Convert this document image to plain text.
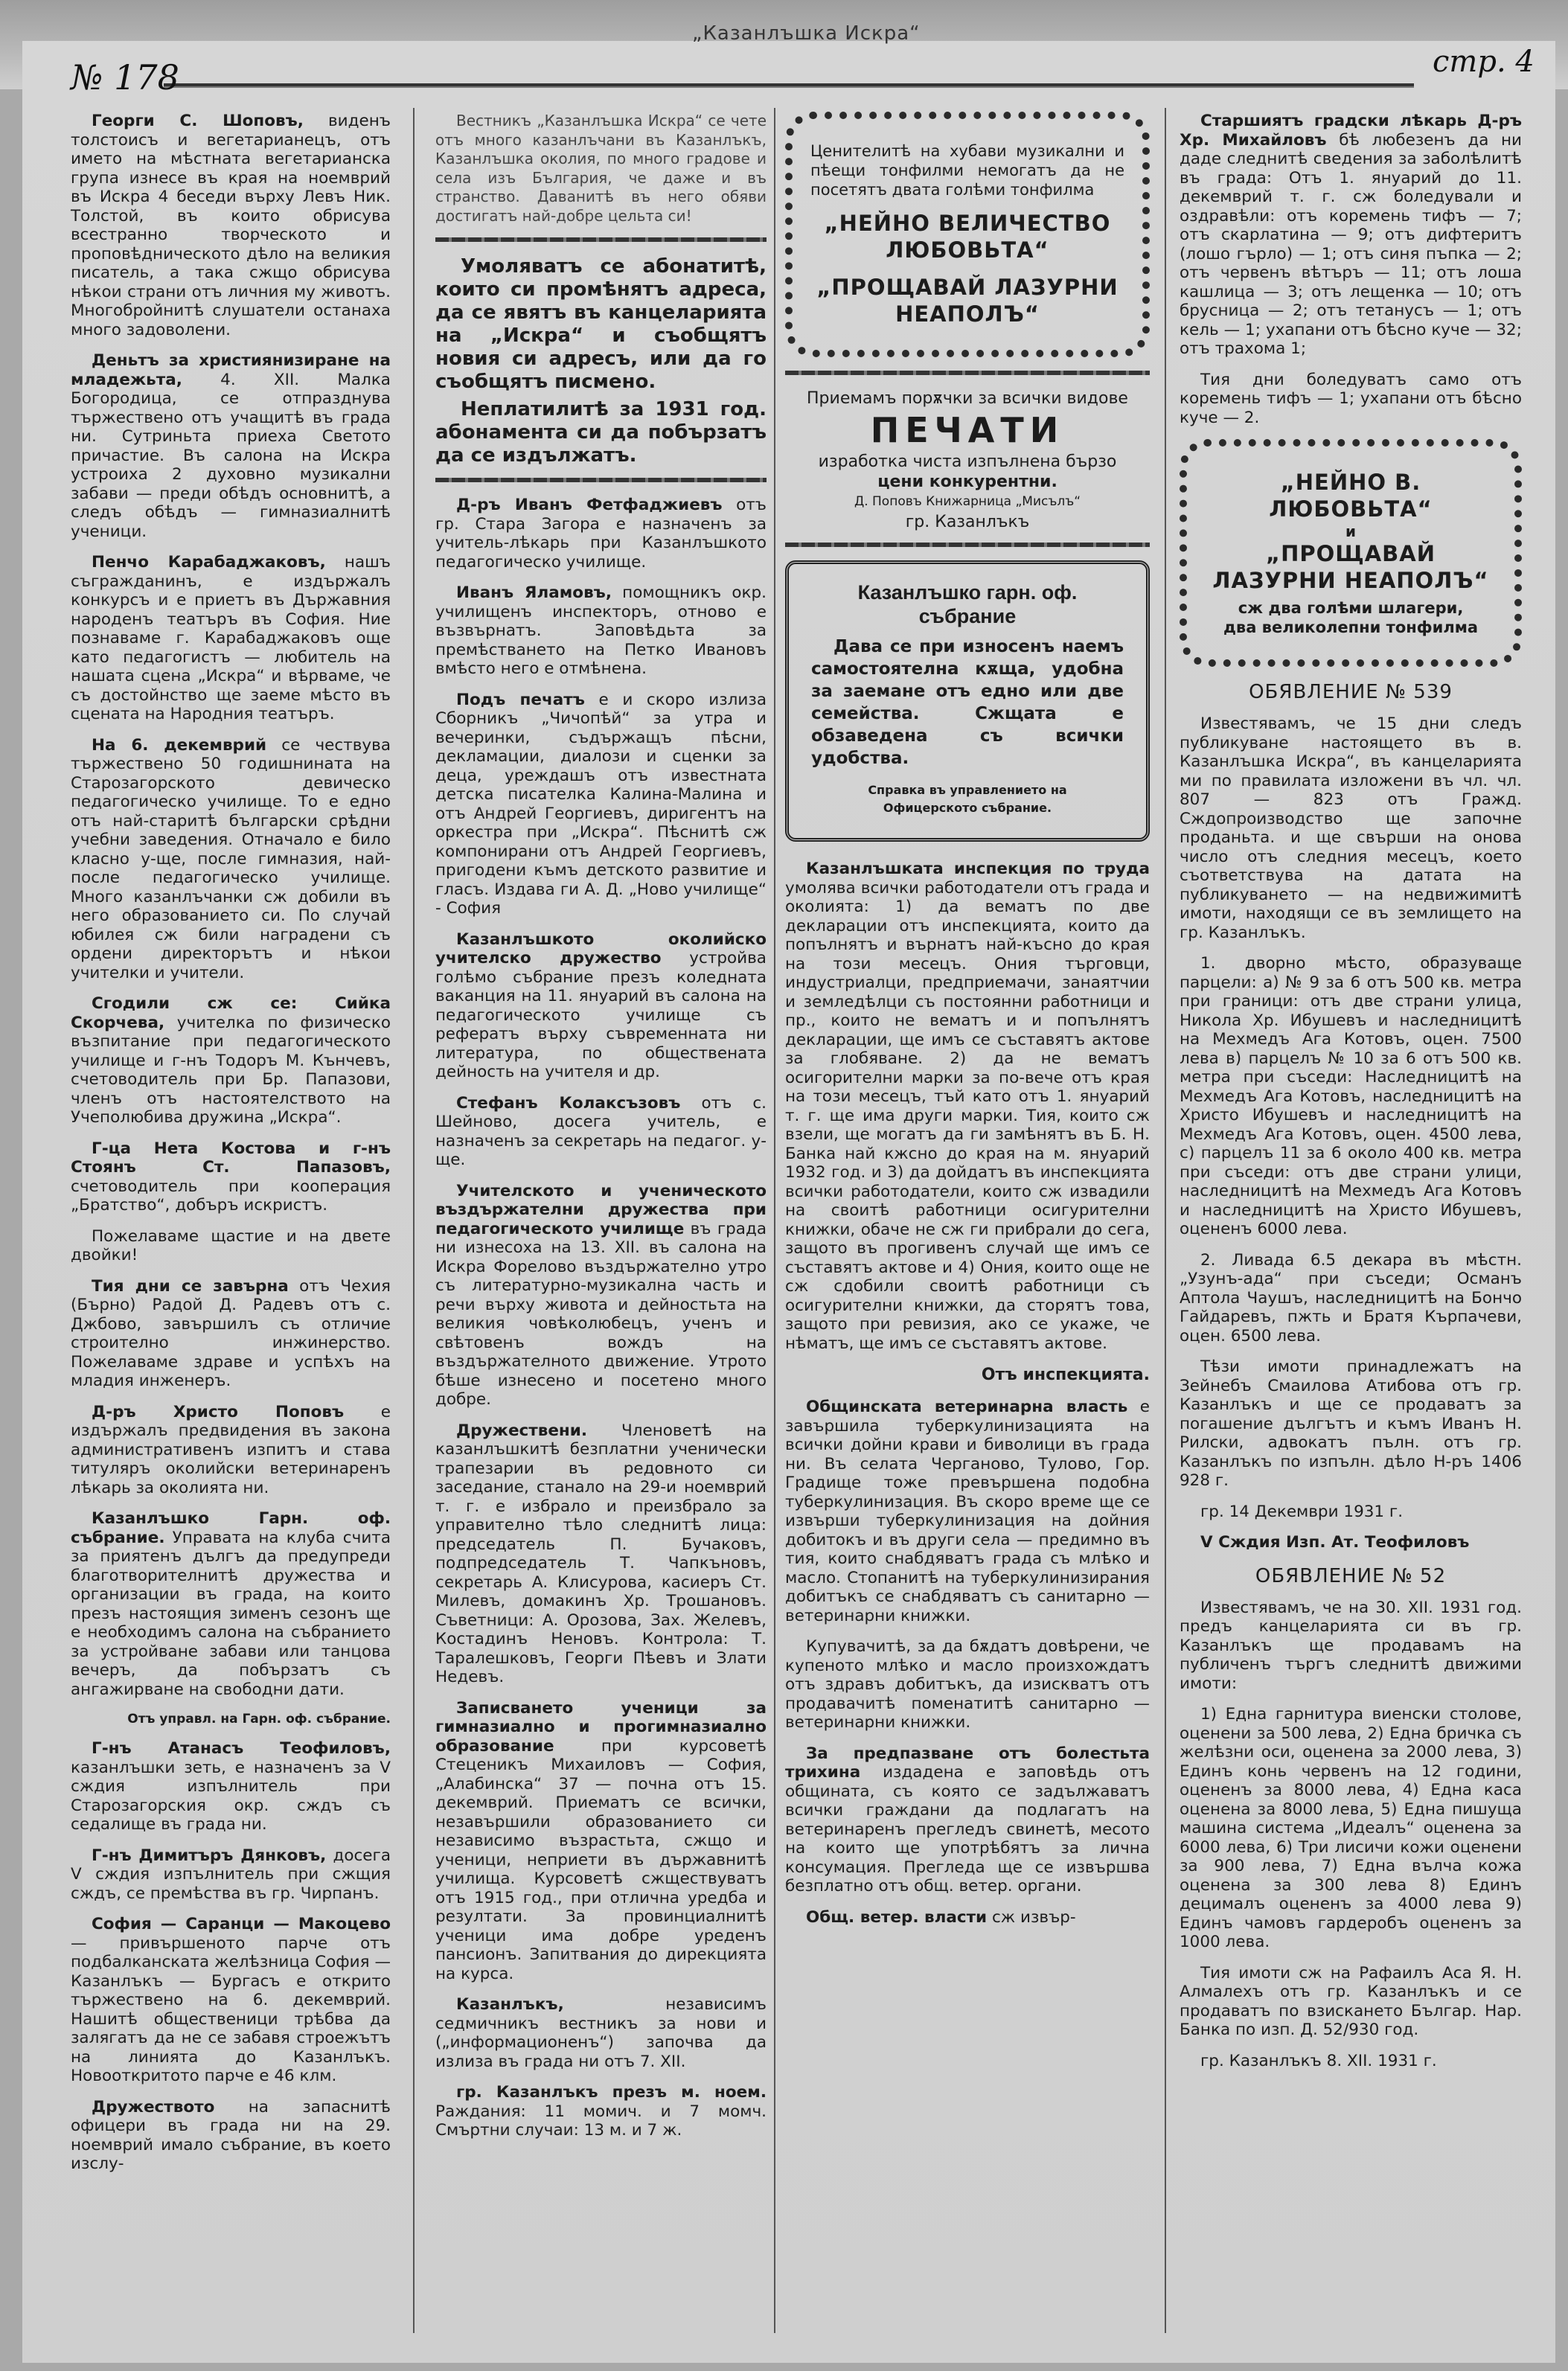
„Казанлъшка Искра“
№ 178	стр. 4

Георги С. Шоповъ, виденъ толстоисъ и вегетарианецъ, отъ името на мѣстната вегетарианска група изнесе въ края на ноемврий въ Искра 4 беседи върху Левъ Ник. Толстой, въ които обрисува всестранно творческото и проповѣдническото дѣло на великия писатель, а така сжщо обрисува нѣкои страни отъ личния му животъ. Многобройнитѣ слушатели останаха много задоволени.

Деньтъ за християнизиране на младежьта, 4. XII. Малка Богородица, се отпразднува тържествено отъ учащитѣ въ града ни. Сутриньта приеха Светото причастие. Въ салона на Искра устроиха 2 духовно музикални забави — преди обѣдъ основнитѣ, а следъ обѣдъ — гимназиалнитѣ ученици.

Пенчо Карабаджаковъ, нашъ съгражданинъ, е издържалъ конкурсъ и е приетъ въ Държавния народенъ театъръ въ София. Ние познаваме г. Карабаджаковъ още като педагогистъ — любитель на нашата сцена „Искра“ и вѣрваме, че съ достойнство ще заеме мѣсто въ сцената на Народния театъръ.

На 6. декемврий се чествува тържествено 50 годишнината на Старозагорското девическо педагогическо училище. То е едно отъ най-старитѣ български срѣдни учебни заведения. Отначало е било класно у-ще, после гимназия, най-после педагогическо училище. Много казанлъчанки сж добили въ него образованието си. По случай юбилея сж били наградени съ ордени директорътъ и нѣкои учителки и учители.

Сгодили сж се: Сийка Скорчева, учителка по физическо възпитание при педагогическото училище и г-нъ Тодоръ М. Кънчевъ, счетоводитель при Бр. Папазови, членъ отъ настоятелството на Учеполюбива дружина „Искра“.

Г-ца Нета Костова и г-нъ Стоянъ Ст. Папазовъ, счетоводитель при кооперация „Братство“, добъръ искристъ.

Пожелаваме щастие и на двете двойки!

Тия дни се завърна отъ Чехия (Бърно) Радой Д. Радевъ отъ с. Джбово, завършилъ съ отличие строително инжинерство. Пожелаваме здраве и успѣхъ на младия инженеръ.

Д-ръ Христо Поповъ е издържалъ предвидения въ закона административенъ изпитъ и става титуляръ околийски ветеринаренъ лѣкарь за околията ни.

Казанлъшко Гарн. оф. събрание. Управата на клуба счита за приятенъ дългъ да предупреди благотворителнитѣ дружества и организации въ града, на които презъ настоящия зименъ сезонъ ще е необходимъ салона на събранието за устройване забави или танцова вечеръ, да побързатъ съ ангажирване на свободни дати.

Отъ управл. на Гарн. оф. събрание.

Г-нъ Атанасъ Теофиловъ, казанлъшки зеть, е назначенъ за V сждия изпълнитель при Старозагорския окр. сждъ съ седалище въ града ни.

Г-нъ Димитъръ Дянковъ, досега V сждия изпълнитель при сжщия сждъ, се премѣства въ гр. Чирпанъ.

София — Саранци — Макоцево — привършеното парче отъ подбалканската желѣзница София — Казанлъкъ — Бургасъ е открито тържествено на 6. декемврий. Нашитѣ общественици трѣбва да залягатъ да не се забавя строежътъ на линията до Казанлъкъ. Новооткритото парче е 46 клм.

Дружеството на запаснитѣ офицери въ града ни на 29. ноемврий имало събрание, въ което изслу-

Вестникъ „Казанлъшка Искра“ се чете отъ много казанлъчани въ Казанлъкъ, Казанлъшка околия, по много градове и села изъ България, че даже и въ странство. Даванитѣ въ него обяви достигатъ най-добре цельта си!

Умоляватъ се абонатитѣ, които си промѣнятъ адреса, да се явятъ въ канцеларията на „Искра“ и съобщятъ новия си адресъ, или да го съобщятъ писмено.

Неплатилитѣ за 1931 год. абонамента си да побързатъ да се издължатъ.

Д-ръ Иванъ Фетфаджиевъ отъ гр. Стара Загора е назначенъ за учитель-лѣкарь при Казанлъшкото педагогическо училище.

Иванъ Яламовъ, помощникъ окр. училищенъ инспекторъ, отново е възвърнатъ. Заповѣдьта за премѣстването на Петко Ивановъ вмѣсто него е отмѣнена.

Подъ печатъ е и скоро излиза Сборникъ „Чичопѣй“ за утра и вечеринки, съдържащъ пѣсни, декламации, диалози и сценки за деца, уреждашъ отъ известната детска писателка Калина-Малина и отъ Андрей Георгиевъ, диригентъ на оркестра при „Искра“. Пѣснитѣ сж компонирани отъ Андрей Георгиевъ, пригодени къмъ детското развитие и гласъ. Издава ги А. Д. „Ново училище“ - София

Казанлъшкото околийско учителско дружество устройва голѣмо събрание презъ коледната ваканция на 11. януарий въ салона на педагогическото училище съ рефератъ върху съвременната ни литература, по обществената дейность на учителя и др.

Стефанъ Колаксъзовъ отъ с. Шейново, досега учитель, е назначенъ за секретарь на педагог. у-ще.

Учителското и ученическото въздържателни дружества при педагогическото училище въ града ни изнесоха на 13. XII. въ салона на Искра Форелово въздържателно утро съ литературно-музикална часть и речи върху живота и дейностьта на великия човѣколюбецъ, ученъ и свѣтовенъ вождъ на въздържателното движение. Утрото бѣше изнесено и посетено много добре.

Дружествени. Членоветѣ на казанлъшкитѣ безплатни ученически трапезарии въ редовното си заседание, станало на 29-и ноемврий т. г. е избрало и преизбрало за управително тѣло следнитѣ лица: председатель П. Бучаковъ, подпредседатель Т. Чапкъновъ, секретарь А. Клисурова, касиеръ Ст. Милевъ, домакинъ Хр. Трошановъ. Съветници: А. Орозова, Зах. Желевъ, Костадинъ Неновъ. Контрола: Т. Таралешковъ, Георги Пѣевъ и Злати Недевъ.

Записването ученици за гимназиално и прогимназиално образование	при курсоветѣ Стеценикъ Михаиловъ — София, „Алабинска“ 37 — почна отъ 15. декемврий. Приематъ се всички, незавършили образованието си независимо възрастьта, сжщо и ученици, неприети въ държавнитѣ училища. Курсоветѣ сжществуватъ отъ 1915 год., при отлична уредба и резултати. За провинциалнитѣ ученици има добре уреденъ пансионъ. Запитвания до дирекцията на курса.

Казанлъкъ,	независимъ седмичникъ вестникъ за нови и („информационенъ“) започва да излиза въ града ни отъ 7. XII.

гр. Казанлъкъ презъ м. ноем. Раждания: 11 момич. и 7 момч. Смъртни случаи: 13 м. и 7 ж.

Ценителитѣ на хубави музикални и пѣещи тонфилми немогатъ да не посетятъ двата голѣми тонфилма
„НЕЙНО ВЕЛИЧЕСТВО ЛЮБОВЬТА“
„ПРОЩАВАЙ ЛАЗУРНИ НЕАПОЛЪ“
Приемамъ порѫчки за всички видове
ПЕЧАТИ
изработка чиста изпълнена бързо
цени конкурентни.
Д. Поповъ Книжарница „Мисълъ“
гр. Казанлъкъ
Казанлъшко гарн. оф. събрание
Дава се при износенъ наемъ самостоятелна кѫща, удобна за заемане отъ едно или две семейства. Сжщата е обзаведена съ всички удобства.
Справка въ управлението на
Офицерското събрание.

Казанлъшката инспекция по труда умолява всички работодатели отъ града и околията: 1) да вематъ по две декларации отъ инспекцията, които да попълнятъ и върнатъ най-късно до края на този месецъ. Ония търговци, индустриалци, предприемачи, занаятчии и земледѣлци съ постоянни работници и пр., които не вематъ и и попълнятъ декларации, ще имъ се съставятъ актове за глобяване. 2) да не вематъ осигорителни марки за по-вече отъ края на този месецъ, тъй като отъ 1. януарий т. г. ще има други марки. Тия, които сж взели, ще могатъ да ги замѣнятъ въ Б. Н. Банка най кжсно до края на м. януарий 1932 год. и 3) да дойдатъ въ инспекцията всички работодатели, които сж извадили на своитѣ работници осигурителни книжки, обаче не сж ги прибрали до сега, защото въ прогивенъ случай ще имъ се съставятъ актове и 4) Ония, които още не сж сдобили своитѣ работници съ осигурителни книжки, да сторятъ това, защото при ревизия, ако се укаже, че нѣматъ, ще имъ се съставятъ актове.

Отъ инспекцията.

Общинската ветеринарна власть е завършила туберкулинизацията на всички дойни крави и биволици въ града ни. Въ селата Черганово, Тулово, Гор. Градище тоже превършена подобна туберкулинизация. Въ скоро време ще се извърши туберкулинизация на дойния добитокъ и въ други села — предимно въ тия, които снабдяватъ града съ млѣко и масло. Стопанитѣ на туберкулинизирания добитъкъ се снабдяватъ съ санитарно — ветеринарни книжки.

Купувачитѣ, за да бѫдатъ довѣрени, че купеното млѣко и масло произхождатъ отъ здравъ добитъкъ, да изискватъ отъ продавачитѣ поменатитѣ санитарно — ветеринарни книжки.

За предпазване отъ болестьта трихина издадена е заповѣдь отъ общината, съ която се задължаватъ всички граждани да подлагатъ на ветеринаренъ прегледъ свинетѣ, месото на които ще употрѣбятъ за лична консумация. Прегледа ще се извършва безплатно отъ общ. ветер. органи.

Общ. ветер. власти сж извър-

Старшиятъ градски лѣкарь Д-ръ Хр. Михайловъ бѣ любезенъ да ни даде следнитѣ сведения за заболѣлитѣ въ града: Отъ 1. януарий до 11. декемврий т. г. сж боледували и оздравѣли: отъ коремень тифъ — 7; отъ скарлатина — 9; отъ дифтеритъ (лошо гърло) — 1; отъ синя пъпка — 2; отъ червенъ вѣтъръ — 11; отъ лоша кашлица — 3; отъ лещенка — 10; отъ брусница — 2; отъ тетанусъ — 1; отъ кель — 1; ухапани отъ бѣсно куче — 32; отъ трахома 1;

Тия дни боледуватъ само отъ коремень тифъ — 1; ухапани отъ бѣсно куче — 2.

„НЕЙНО В. ЛЮБОВЬТА“
и
„ПРОЩАВАЙ ЛАЗУРНИ НЕАПОЛЪ“
сж два голѣми шлагери,
два великолепни тонфилма
ОБЯВЛЕНИЕ № 539

Известявамъ, че 15 дни следъ публикуване настоящето въ в. Казанлъшка Искра“, въ канцеларията ми по правилата изложени въ чл. чл. 807 — 823 отъ Гражд. Сждопроизводство ще започне проданьта. и ще свърши на онова число отъ следния месецъ, което съответствува на датата на публикуването — на недвижимитѣ имоти, находящи се въ землището на гр. Казанлъкъ.

1. дворно мѣсто, образуваще парцели: а) № 9 за 6 отъ 500 кв. метра при граници: отъ две страни улица, Никола Хр. Ибушевъ и наследницитѣ на Мехмедъ Ага Котовъ, оцен. 7500 лева в) парцелъ № 10 за 6 отъ 500 кв. метра при съседи: Наследницитѣ на Мехмедъ Ага Котовъ, наследницитѣ на Христо Ибушевъ и наследницитѣ на Мехмедъ Ага Котовъ, оцен. 4500 лева, с) парцелъ 11 за 6 около 400 кв. метра при съседи: отъ две страни улици, наследницитѣ на Мехмедъ Ага Котовъ и наследницитѣ на Христо Ибушевъ, оцененъ 6000 лева.

2. Ливада 6.5 декара въ мѣстн. „Узунъ-ада“ при съседи; Османъ Аптола Чаушъ, наследницитѣ на Бончо Гайдаревъ, пжть и Братя Кърпачеви, оцен. 6500 лева.

Тѣзи имоти принадлежатъ на Зейнебъ Смаилова Атибова отъ гр. Казанлъкъ и ще се продаватъ за погашение дългътъ и къмъ Иванъ Н. Рилски, адвокатъ пълн. отъ гр. Казанлъкъ по изпълн. дѣло Н-ръ 1406 928 г.

гр. 14 Декември 1931 г.

V Сждия Изп. Ат. Теофиловъ

ОБЯВЛЕНИЕ № 52

Известявамъ, че на 30. XII. 1931 год. предъ канцеларията си въ гр. Казанлъкъ ще продавамъ на публиченъ търгъ следнитѣ движими имоти:

1) Една гарнитура виенски столове, оценени за 500 лева, 2) Една бричка съ желѣзни оси, оценена за 2000 лева, 3) Единъ конь червенъ на 12 години, оцененъ за 8000 лева, 4) Една каса оценена за 8000 лева, 5) Една пишуща машина система „Идеалъ“ оценена за 6000 лева, 6) Три лисичи кожи оценени за 900 лева, 7) Една вълча кожа оценена за 300 лева 8) Единъ децималъ оцененъ за 4000 лева 9) Единъ чамовъ гардеробъ оцененъ за 1000 лева.

Тия имоти сж на Рафаилъ Аса Я. Н. Алмалехъ отъ гр. Казанлъкъ и се продаватъ по взискането Българ. Нар. Банка по изп. Д. 52/930 год.

гр. Казанлъкъ 8. XII. 1931 г.
